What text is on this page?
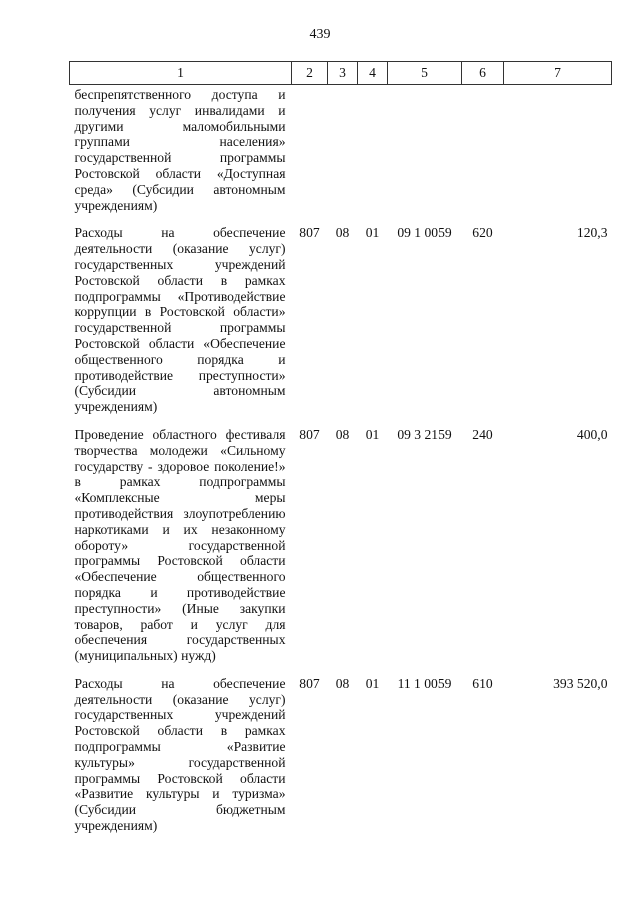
439
1	2	3	4	5	6	7
беспрепятственного доступа и получения услуг инвалидами и другими маломобильными группами населения» государственной программы Ростовской области «Доступная среда» (Субсидии автономным учреждениям)						
Расходы на обеспечение деятельности (оказание услуг) государственных учреждений Ростовской области в рамках подпрограммы «Противодействие коррупции в Ростовской области» государственной программы Ростовской области «Обеспечение общественного порядка и противодействие преступности» (Субсидии автономным учреждениям)	807	08	01	09 1 0059	620	120,3
Проведение областного фестиваля творчества молодежи «Сильному государству - здоровое поколение!» в рамках подпрограммы «Комплексные меры противодействия злоупотреблению наркотиками и их незаконному обороту» государственной программы Ростовской области «Обеспечение общественного порядка и противодействие преступности» (Иные закупки товаров, работ и услуг для обеспечения государственных (муниципальных) нужд)	807	08	01	09 3 2159	240	400,0
Расходы на обеспечение деятельности (оказание услуг) государственных учреждений Ростовской области в рамках подпрограммы «Развитие культуры» государственной программы Ростовской области «Развитие культуры и туризма» (Субсидии бюджетным учреждениям)	807	08	01	11 1 0059	610	393 520,0
